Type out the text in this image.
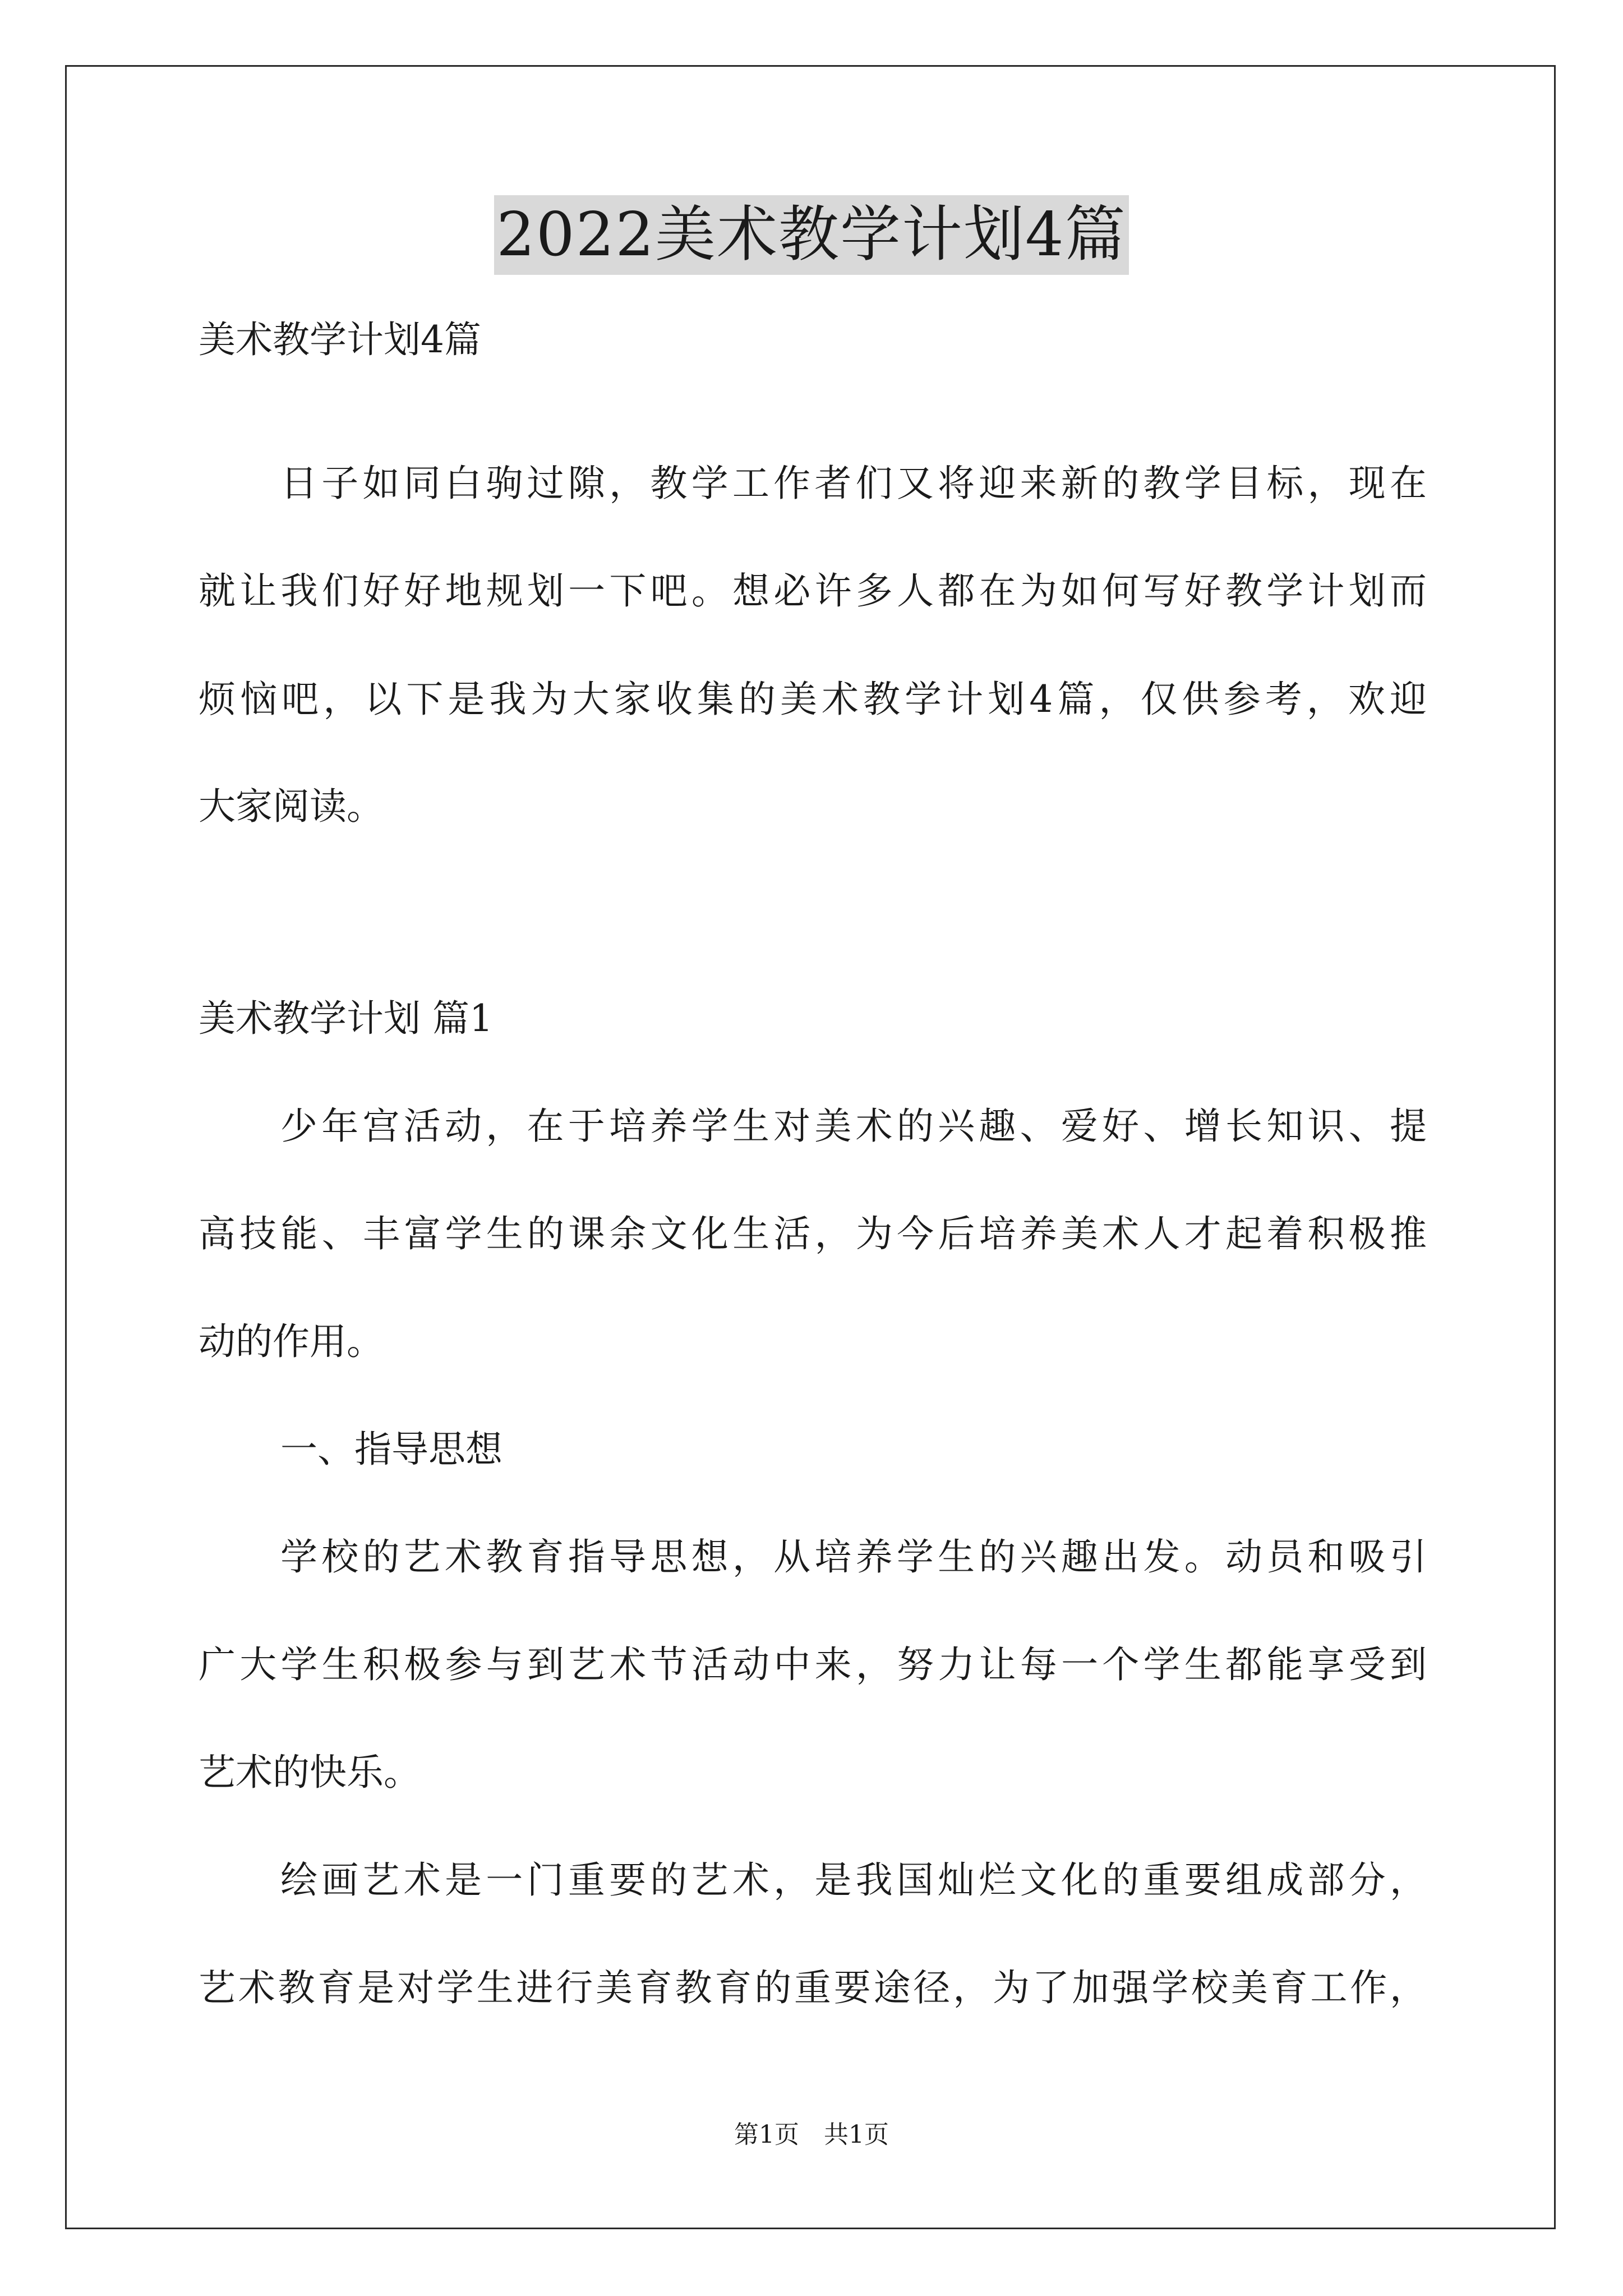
2022美术教学计划4篇

美术教学计划4篇

日子如同白驹过隙，教学工作者们又将迎来新的教学目标，现在

就让我们好好地规划一下吧。想必许多人都在为如何写好教学计划而

烦恼吧，以下是我为大家收集的美术教学计划4篇，仅供参考，欢迎

大家阅读。

美术教学计划 篇1

少年宫活动，在于培养学生对美术的兴趣、爱好、增长知识、提

高技能、丰富学生的课余文化生活，为今后培养美术人才起着积极推

动的作用。

一、指导思想

学校的艺术教育指导思想，从培养学生的兴趣出发。动员和吸引

广大学生积极参与到艺术节活动中来，努力让每一个学生都能享受到

艺术的快乐。

绘画艺术是一门重要的艺术，是我国灿烂文化的重要组成部分，

艺术教育是对学生进行美育教育的重要途径，为了加强学校美育工作，

第1页　共1页
